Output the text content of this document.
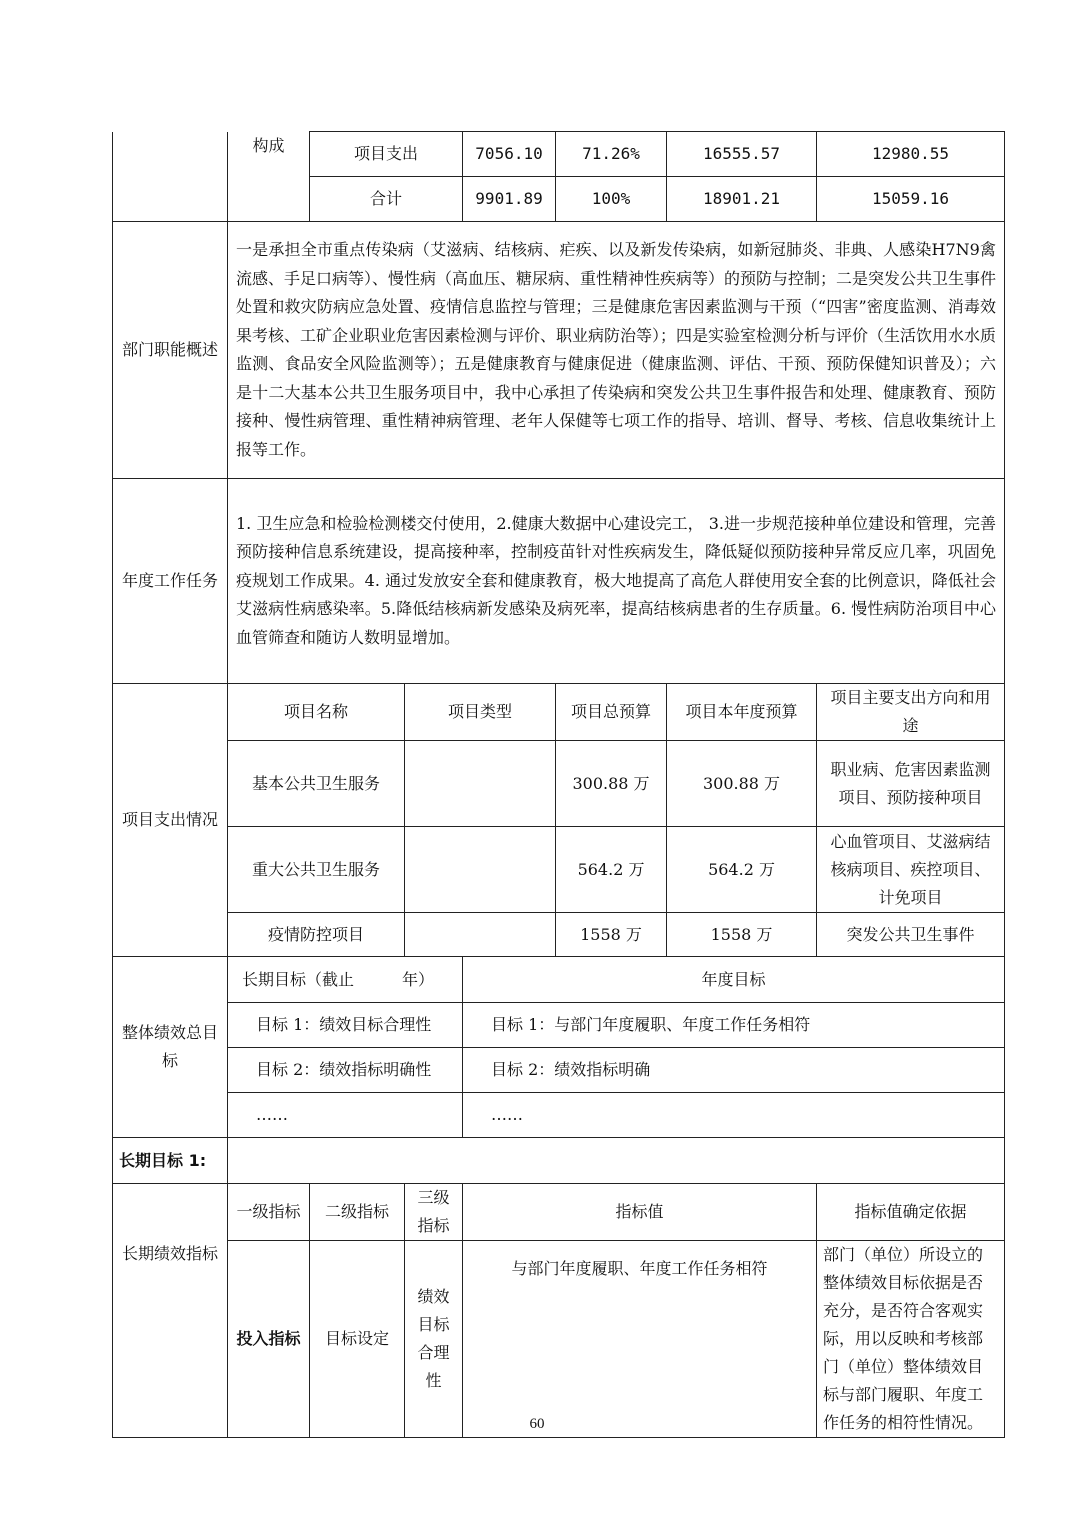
	构成	项目支出		7056.10	71.26%	16555.57	12980.55
		合计		9901.89	100%	18901.21	15059.16
部门职能概述	一是承担全市重点传染病（艾滋病、结核病、疟疾、以及新发传染病，如新冠肺炎、非典、人感染H7N9禽流感、手足口病等）、慢性病（高血压、糖尿病、重性精神性疾病等）的预防与控制；二是突发公共卫生事件处置和救灾防病应急处置、疫情信息监控与管理；三是健康危害因素监测与干预（“四害”密度监测、消毒效果考核、工矿企业职业危害因素检测与评价、职业病防治等）；四是实验室检测分析与评价（生活饮用水水质监测、食品安全风险监测等）；五是健康教育与健康促进（健康监测、评估、干预、预防保健知识普及）；六是十二大基本公共卫生服务项目中，我中心承担了传染病和突发公共卫生事件报告和处理、健康教育、预防接种、慢性病管理、重性精神病管理、老年人保健等七项工作的指导、培训、督导、考核、信息收集统计上报等工作。						
年度工作任务	1. 卫生应急和检验检测楼交付使用，2.健康大数据中心建设完工， 3.进一步规范接种单位建设和管理，完善预防接种信息系统建设，提高接种率，控制疫苗针对性疾病发生，降低疑似预防接种异常反应几率，巩固免疫规划工作成果。4. 通过发放安全套和健康教育，极大地提高了高危人群使用安全套的比例意识，降低社会艾滋病性病感染率。5.降低结核病新发感染及病死率，提高结核病患者的生存质量。6. 慢性病防治项目中心血管筛查和随访人数明显增加。						
项目支出情况	项目名称		项目类型		项目总预算	项目本年度预算	项目主要支出方向和用途
	基本公共卫生服务				300.88 万	300.88 万	职业病、危害因素监测项目、预防接种项目
	重大公共卫生服务				564.2 万	564.2 万	心血管项目、艾滋病结核病项目、疾控项目、计免项目
	疫情防控项目				1558 万	1558 万	突发公共卫生事件
整体绩效总目标	长期目标（截止　　　年）			年度目标			
	目标 1：绩效目标合理性			目标 1：与部门年度履职、年度工作任务相符			
	目标 2：绩效指标明确性			目标 2：绩效指标明确			
	……			……			
长期目标 1:							
长期绩效指标	一级指标	二级指标	三级指标	指标值			指标值确定依据
	投入指标	目标设定	绩效目标合理性	与部门年度履职、年度工作任务相符			部门（单位）所设立的整体绩效目标依据是否充分，是否符合客观实际，用以反映和考核部门（单位）整体绩效目标与部门履职、年度工作任务的相符性情况。
60
